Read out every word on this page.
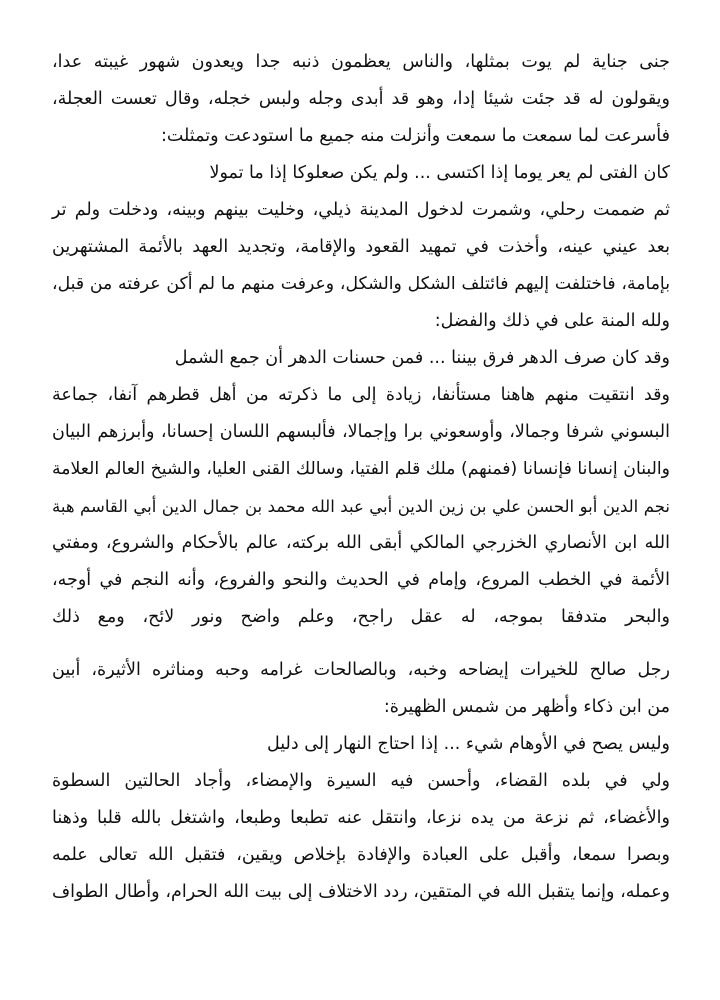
جنى جناية لم يوت بمثلها، والناس يعظمون ذنبه جدا ويعدون شهور غيبته عدا،
ويقولون له قد جئت شيئا إدا، وهو قد أبدى وجله ولبس خجله، وقال تعست العجلة،
فأسرعت لما سمعت ما سمعت وأنزلت منه جميع ما استودعت وتمثلت:
كان الفتى لم يعر يوما إذا اكتسى ... ولم يكن صعلوكا إذا ما تمولا
ثم ضممت رحلي، وشمرت لدخول المدينة ذيلي، وخليت بينهم وبينه، ودخلت ولم تر
بعد عيني عينه، وأخذت في تمهيد القعود والإقامة، وتجديد العهد بالأئمة المشتهرين
بإمامة، فاختلفت إليهم فائتلف الشكل والشكل، وعرفت منهم ما لم أكن عرفته من قبل،
ولله المنة على في ذلك والفضل:
وقد كان صرف الدهر فرق بيننا ... فمن حسنات الدهر أن جمع الشمل
وقد انتقيت منهم هاهنا مستأنفا، زيادة إلى ما ذكرته من أهل قطرهم آنفا، جماعة
البسوني شرفا وجمالا، وأوسعوني برا وإجمالا، فألبسهم اللسان إحسانا، وأبرزهم البيان
والبنان إنسانا فإنسانا (فمنهم) ملك قلم الفتيا، وسالك القنى العليا، والشيخ العالم العلامة
نجم الدين أبو الحسن علي بن زين الدين أبي عبد الله محمد بن جمال الدين أبي القاسم هبة
الله ابن الأنصاري الخزرجي المالكي أبقى الله بركته، عالم بالأحكام والشروع، ومفتي
الأئمة في الخطب المروع، وإمام في الحديث والنحو والفروع، وأنه النجم في أوجه،
والبحر متدفقا بموجه، له عقل راجح، وعلم واضح ونور لائح، ومع ذلك
رجل صالح للخيرات إيضاحه وخبه، وبالصالحات غرامه وحبه ومناثره الأثيرة، أبين
من ابن ذكاء وأظهر من شمس الظهيرة:
وليس يصح في الأوهام شيء ... إذا احتاج النهار إلى دليل
ولي في بلده القضاء، وأحسن فيه السيرة والإمضاء، وأجاد الحالتين السطوة
والأغضاء، ثم نزعة من يده نزعا، وانتقل عنه تطبعا وطبعا، واشتغل بالله قلبا وذهنا
وبصرا سمعا، وأقبل على العبادة والإفادة بإخلاص ويقين، فتقبل الله تعالى علمه
وعمله، وإنما يتقبل الله في المتقين، ردد الاختلاف إلى بيت الله الحرام، وأطال الطواف
